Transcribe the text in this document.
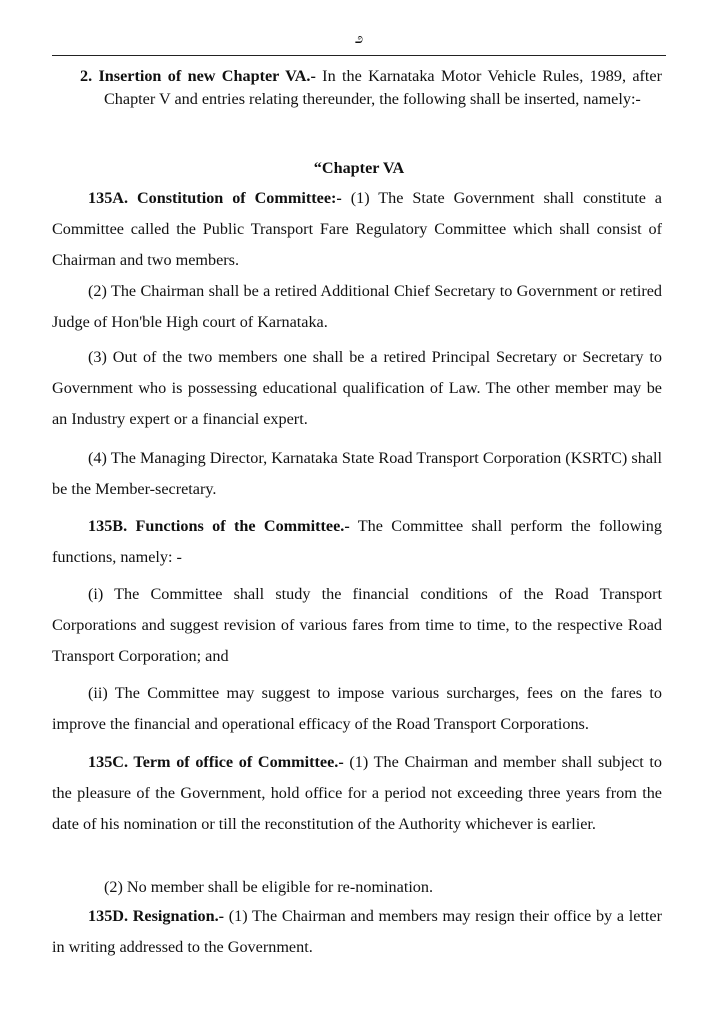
೨

2. Insertion of new Chapter VA.- In the Karnataka Motor Vehicle Rules, 1989, after Chapter V and entries relating thereunder, the following shall be inserted, namely:-

“Chapter VA

135A. Constitution of Committee:- (1) The State Government shall constitute a Committee called the Public Transport Fare Regulatory Committee which shall consist of Chairman and two members.

(2) The Chairman shall be a retired Additional Chief Secretary to Government or retired Judge of Hon'ble High court of Karnataka.

(3) Out of the two members one shall be a retired Principal Secretary or Secretary to Government who is possessing educational qualification of Law. The other member may be an Industry expert or a financial expert.

(4) The Managing Director, Karnataka State Road Transport Corporation (KSRTC) shall be the Member-secretary.

135B. Functions of the Committee.- The Committee shall perform the following functions, namely: -

(i) The Committee shall study the financial conditions of the Road Transport Corporations and suggest revision of various fares from time to time, to the respective Road Transport Corporation; and

(ii) The Committee may suggest to impose various surcharges, fees on the fares to improve the financial and operational efficacy of the Road Transport Corporations.

135C. Term of office of Committee.- (1) The Chairman and member shall subject to the pleasure of the Government, hold office for a period not exceeding three years from the date of his nomination or till the reconstitution of the Authority whichever is earlier.

(2) No member shall be eligible for re-nomination.

135D. Resignation.- (1) The Chairman and members may resign their office by a letter in writing addressed to the Government.
